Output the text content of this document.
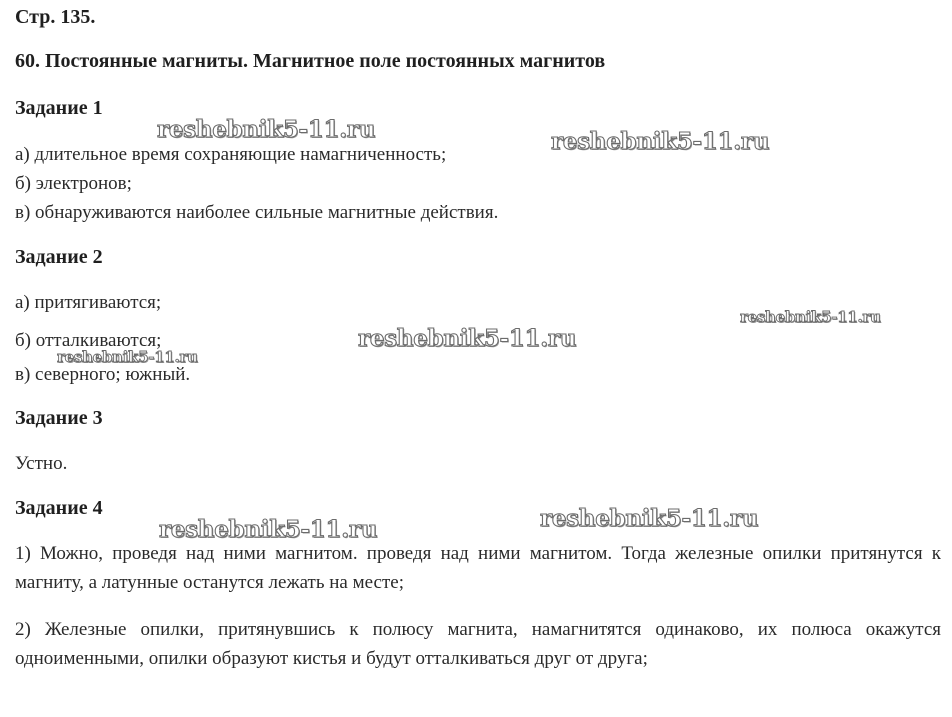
Стр. 135.
60. Постоянные магниты. Магнитное поле постоянных магнитов
Задание 1
а) длительное время сохраняющие намагниченность;
б) электронов;
в) обнаруживаются наиболее сильные магнитные действия.
Задание 2
а) притягиваются;
б) отталкиваются;
в) северного; южный.
Задание 3
Устно.
Задание 4
1) Можно, проведя над ними магнитом. проведя над ними магнитом. Тогда железные опилки притянутся к магниту, а латунные останутся лежать на месте;
2) Железные опилки, притянувшись к полюсу магнита, намагнитятся одинаково, их полюса окажутся одноименными, опилки образуют кистья и будут отталкиваться друг от друга;
reshebnik5-11.ru	reshebnik5-11.ru
reshebnik5-11.ru
reshebnik5-11.ru
reshebnik5-11.ru
reshebnik5-11.ru	reshebnik5-11.ru
